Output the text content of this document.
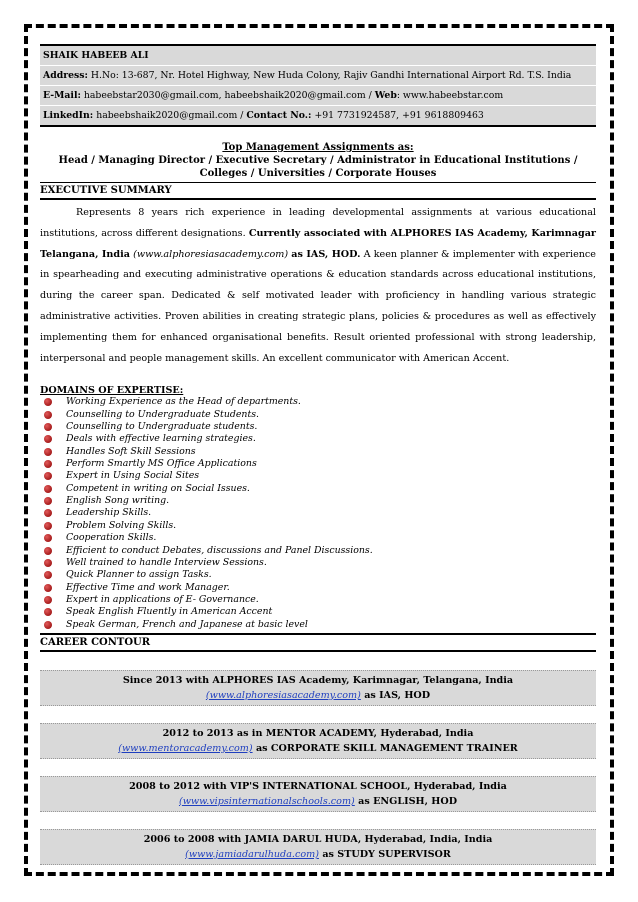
SHAIK HABEEB ALI
Address: H.No: 13-687, Nr. Hotel Highway, New Huda Colony, Rajiv Gandhi International Airport Rd. T.S. India
E-Mail: habeebstar2030@gmail.com, habeebshaik2020@gmail.com / Web: www.habeebstar.com
LinkedIn: habeebshaik2020@gmail.com / Contact No.: +91 7731924587, +91 9618809463
Top Management Assignments as:
Head / Managing Director / Executive Secretary / Administrator in Educational Institutions /
Colleges / Universities / Corporate Houses
EXECUTIVE SUMMARY
Represents 8 years rich experience in leading developmental assignments at various educational institutions, across different designations. Currently associated with ALPHORES IAS Academy, Karimnagar Telangana, India (www.alphoresiasacademy.com) as IAS, HOD. A keen planner & implementer with experience in spearheading and executing administrative operations & education standards across educational institutions, during the career span. Dedicated & self motivated leader with proficiency in handling various strategic administrative activities. Proven abilities in creating strategic plans, policies & procedures as well as effectively implementing them for enhanced organisational benefits. Result oriented professional with strong leadership, interpersonal and people management skills. An excellent communicator with American Accent.
DOMAINS OF EXPERTISE:
Working Experience as the Head of departments.
Counselling to Undergraduate Students.
Counselling to Undergraduate students.
Deals with effective learning strategies.
Handles Soft Skill Sessions
Perform Smartly MS Office Applications
Expert in Using Social Sites
Competent in writing on Social Issues.
English Song writing.
Leadership Skills.
Problem Solving Skills.
Cooperation Skills.
Efficient to conduct Debates, discussions and Panel Discussions.
Well trained to handle Interview Sessions.
Quick Planner to assign Tasks.
Effective Time and work Manager.
Expert in applications of E- Governance.
Speak English Fluently in American Accent
Speak German, French and Japanese at basic level
CAREER CONTOUR
Since 2013 with ALPHORES IAS Academy, Karimnagar, Telangana, India
(www.alphoresiasacademy.com) as IAS, HOD
2012 to 2013 as in MENTOR ACADEMY, Hyderabad, India
(www.mentoracademy.com) as CORPORATE SKILL MANAGEMENT TRAINER
2008 to 2012 with VIP'S INTERNATIONAL SCHOOL, Hyderabad, India
(www.vipsinternationalschools.com) as ENGLISH, HOD
2006 to 2008 with JAMIA DARUL HUDA, Hyderabad, India, India
(www.jamiadarulhuda.com) as STUDY SUPERVISOR
